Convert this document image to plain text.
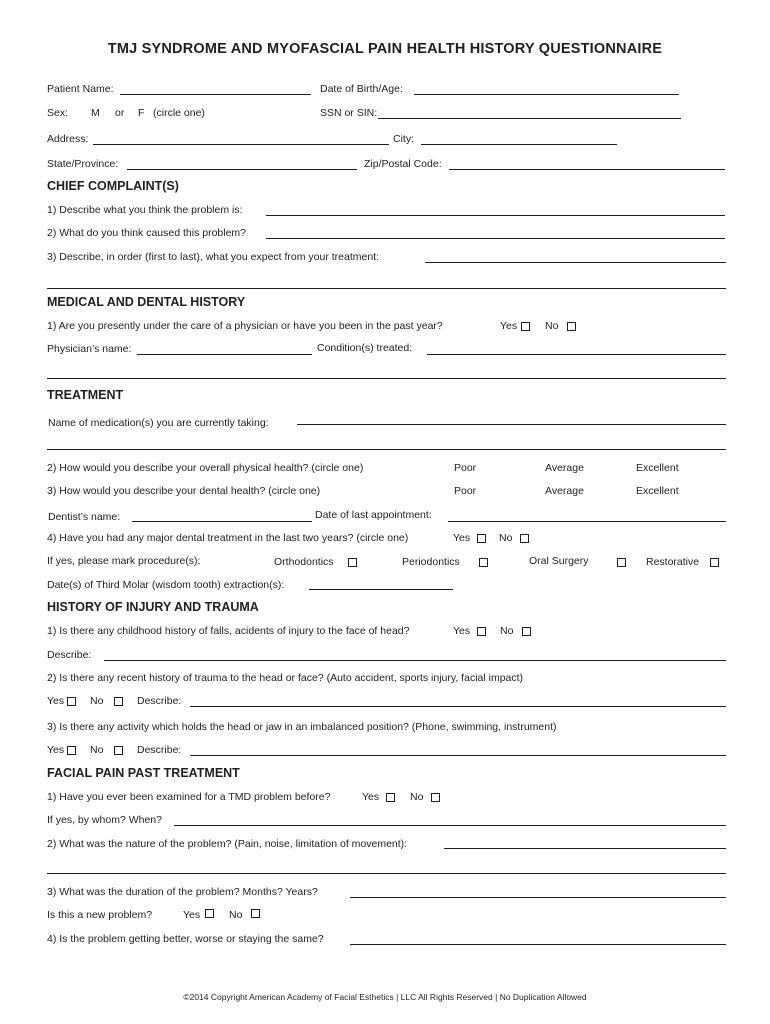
TMJ SYNDROME AND MYOFASCIAL PAIN HEALTH HISTORY QUESTIONNAIRE
Patient Name:	Date of Birth/Age:
Sex: M or F (circle one)	SSN or SIN:
Address:	City:
State/Province:	Zip/Postal Code:
CHIEF COMPLAINT(S)
1) Describe what you think the problem is:
2) What do you think caused this problem?
3) Describe, in order (first to last), what you expect from your treatment:
MEDICAL AND DENTAL HISTORY
1) Are you presently under the care of a physician or have you been in the past year?	Yes	No
Physician’s name:	Condition(s) treated:
TREATMENT
Name of medication(s) you are currently taking:
2) How would you describe your overall physical health? (circle one)	Poor	Average	Excellent
3) How would you describe your dental health? (circle one)	Poor	Average	Excellent
Dentist’s name:	Date of last appointment:
4) Have you had any major dental treatment in the last two years? (circle one)	Yes	No
If yes, please mark procedure(s):	Orthodontics	Periodontics	Oral Surgery	Restorative
Date(s) of Third Molar (wisdom tooth) extraction(s):
HISTORY OF INJURY AND TRAUMA
1) Is there any childhood history of falls, acidents of injury to the face of head?	Yes	No
Describe:
2) Is there any recent history of trauma to the head or face? (Auto accident, sports injury, facial impact)
Yes No	Describe:
3) Is there any activity which holds the head or jaw in an imbalanced position? (Phone, swimming, instrument)
Yes No	Describe:
FACIAL PAIN PAST TREATMENT
1) Have you ever been examined for a TMD problem before?	Yes	No
If yes, by whom? When?
2) What was the nature of the problem? (Pain, noise, limitation of movement):
3) What was the duration of the problem? Months? Years?
Is this a new problem?	Yes	No
4) Is the problem getting better, worse or staying the same?
©2014 Copyright American Academy of Facial Esthetics | LLC All Rights Reserved | No Duplication Allowed
